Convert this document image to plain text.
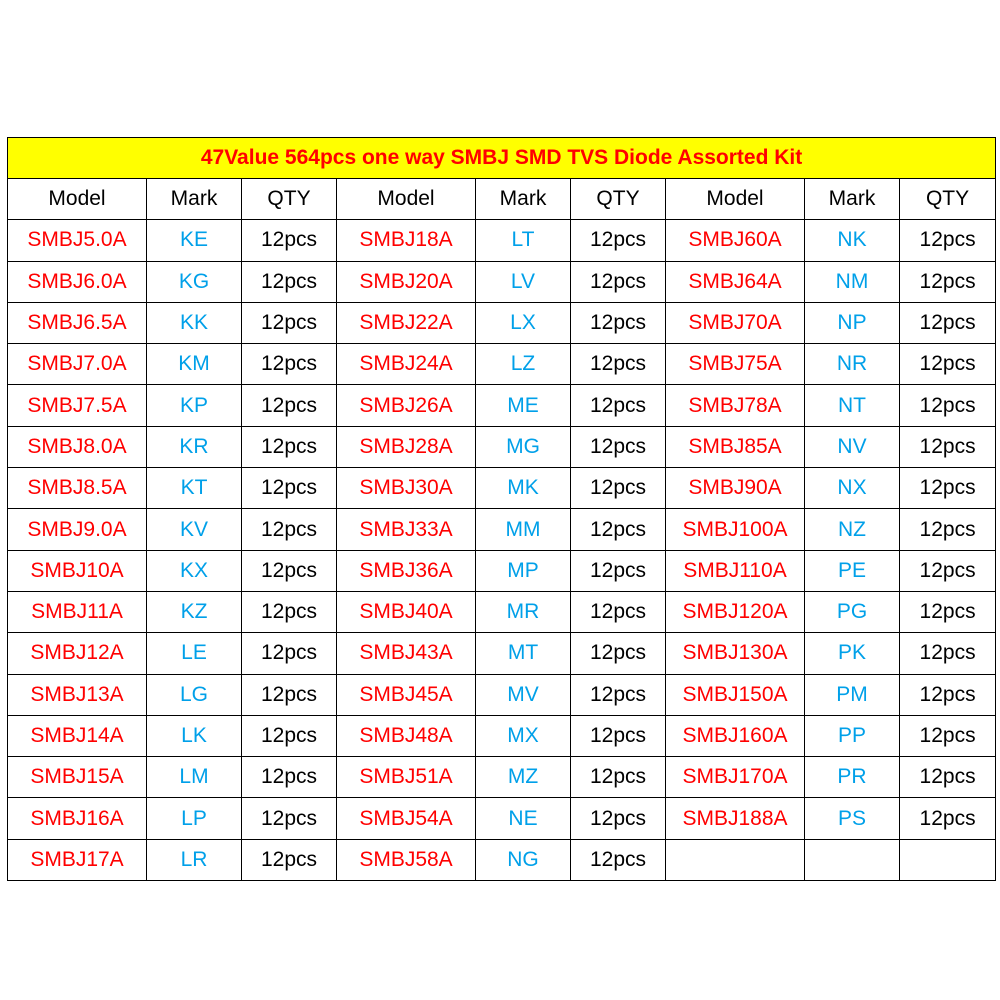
47Value 564pcs one way SMBJ SMD TVS Diode Assorted Kit								
Model	Mark	QTY	Model	Mark	QTY	Model	Mark	QTY
SMBJ5.0A	KE	12pcs	SMBJ18A	LT	12pcs	SMBJ60A	NK	12pcs
SMBJ6.0A	KG	12pcs	SMBJ20A	LV	12pcs	SMBJ64A	NM	12pcs
SMBJ6.5A	KK	12pcs	SMBJ22A	LX	12pcs	SMBJ70A	NP	12pcs
SMBJ7.0A	KM	12pcs	SMBJ24A	LZ	12pcs	SMBJ75A	NR	12pcs
SMBJ7.5A	KP	12pcs	SMBJ26A	ME	12pcs	SMBJ78A	NT	12pcs
SMBJ8.0A	KR	12pcs	SMBJ28A	MG	12pcs	SMBJ85A	NV	12pcs
SMBJ8.5A	KT	12pcs	SMBJ30A	MK	12pcs	SMBJ90A	NX	12pcs
SMBJ9.0A	KV	12pcs	SMBJ33A	MM	12pcs	SMBJ100A	NZ	12pcs
SMBJ10A	KX	12pcs	SMBJ36A	MP	12pcs	SMBJ110A	PE	12pcs
SMBJ11A	KZ	12pcs	SMBJ40A	MR	12pcs	SMBJ120A	PG	12pcs
SMBJ12A	LE	12pcs	SMBJ43A	MT	12pcs	SMBJ130A	PK	12pcs
SMBJ13A	LG	12pcs	SMBJ45A	MV	12pcs	SMBJ150A	PM	12pcs
SMBJ14A	LK	12pcs	SMBJ48A	MX	12pcs	SMBJ160A	PP	12pcs
SMBJ15A	LM	12pcs	SMBJ51A	MZ	12pcs	SMBJ170A	PR	12pcs
SMBJ16A	LP	12pcs	SMBJ54A	NE	12pcs	SMBJ188A	PS	12pcs
SMBJ17A	LR	12pcs	SMBJ58A	NG	12pcs			
